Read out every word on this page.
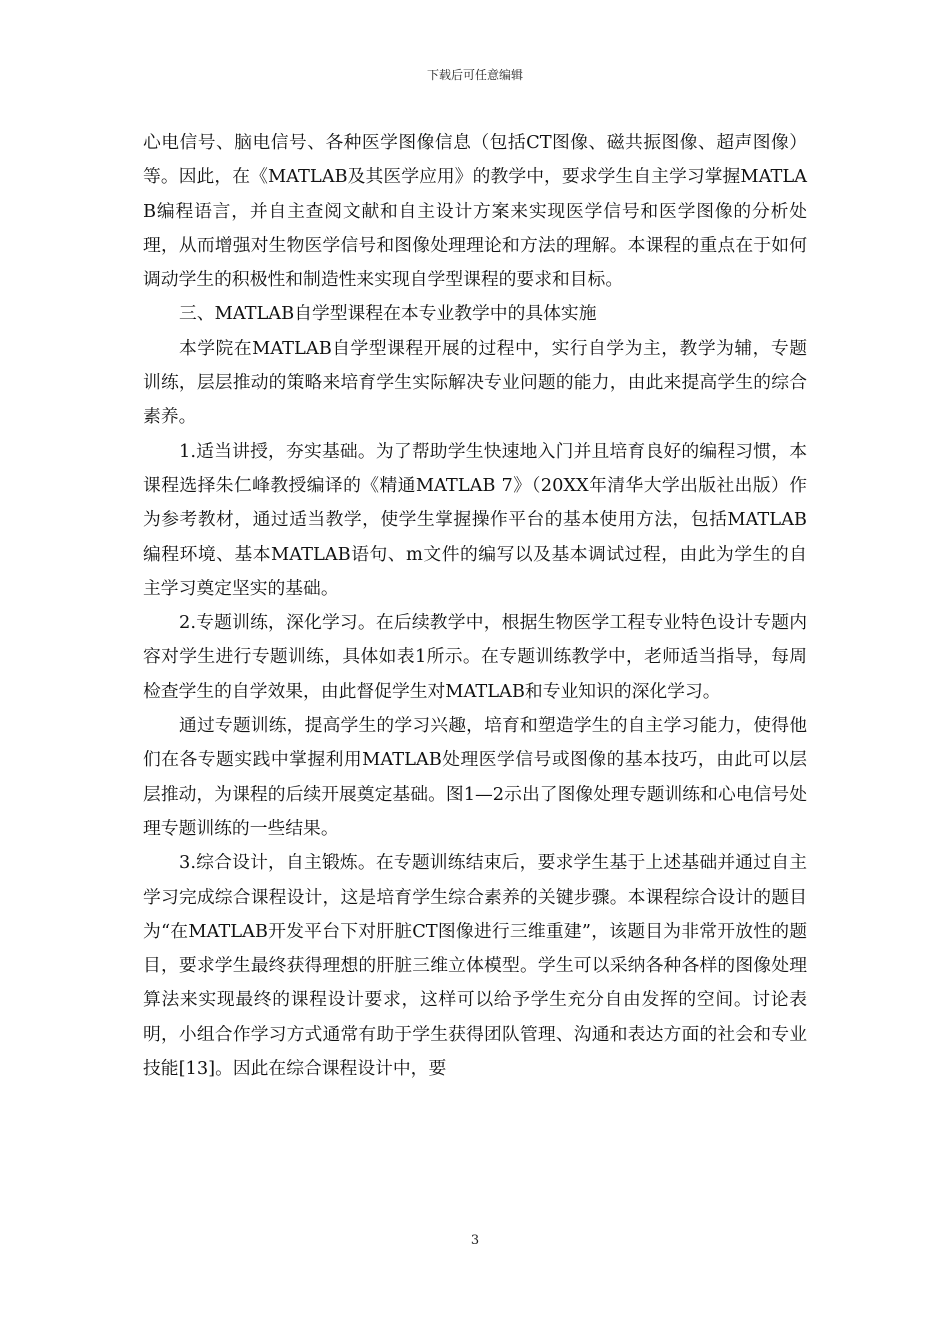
下载后可任意编辑

心电信号、脑电信号、各种医学图像信息（包括CT图像、磁共振图像、超声图像）等。因此，在《MATLAB及其医学应用》的教学中，要求学生自主学习掌握MATLAB编程语言，并自主查阅文献和自主设计方案来实现医学信号和医学图像的分析处理，从而增强对生物医学信号和图像处理理论和方法的理解。本课程的重点在于如何调动学生的积极性和制造性来实现自学型课程的要求和目标。

三、MATLAB自学型课程在本专业教学中的具体实施

本学院在MATLAB自学型课程开展的过程中，实行自学为主，教学为辅，专题训练，层层推动的策略来培育学生实际解决专业问题的能力，由此来提高学生的综合素养。

1.适当讲授，夯实基础。为了帮助学生快速地入门并且培育良好的编程习惯，本课程选择朱仁峰教授编译的《精通MATLAB 7》（20XX年清华大学出版社出版）作为参考教材，通过适当教学，使学生掌握操作平台的基本使用方法，包括MATLAB编程环境、基本MATLAB语句、m文件的编写以及基本调试过程，由此为学生的自主学习奠定坚实的基础。

2.专题训练，深化学习。在后续教学中，根据生物医学工程专业特色设计专题内容对学生进行专题训练，具体如表1所示。在专题训练教学中，老师适当指导，每周检查学生的自学效果，由此督促学生对MATLAB和专业知识的深化学习。

通过专题训练，提高学生的学习兴趣，培育和塑造学生的自主学习能力，使得他们在各专题实践中掌握利用MATLAB处理医学信号或图像的基本技巧，由此可以层层推动，为课程的后续开展奠定基础。图1—2示出了图像处理专题训练和心电信号处理专题训练的一些结果。

3.综合设计，自主锻炼。在专题训练结束后，要求学生基于上述基础并通过自主学习完成综合课程设计，这是培育学生综合素养的关键步骤。本课程综合设计的题目为“在MATLAB开发平台下对肝脏CT图像进行三维重建”，该题目为非常开放性的题目，要求学生最终获得理想的肝脏三维立体模型。学生可以采纳各种各样的图像处理算法来实现最终的课程设计要求，这样可以给予学生充分自由发挥的空间。讨论表明，小组合作学习方式通常有助于学生获得团队管理、沟通和表达方面的社会和专业技能[13]。因此在综合课程设计中，要

3
